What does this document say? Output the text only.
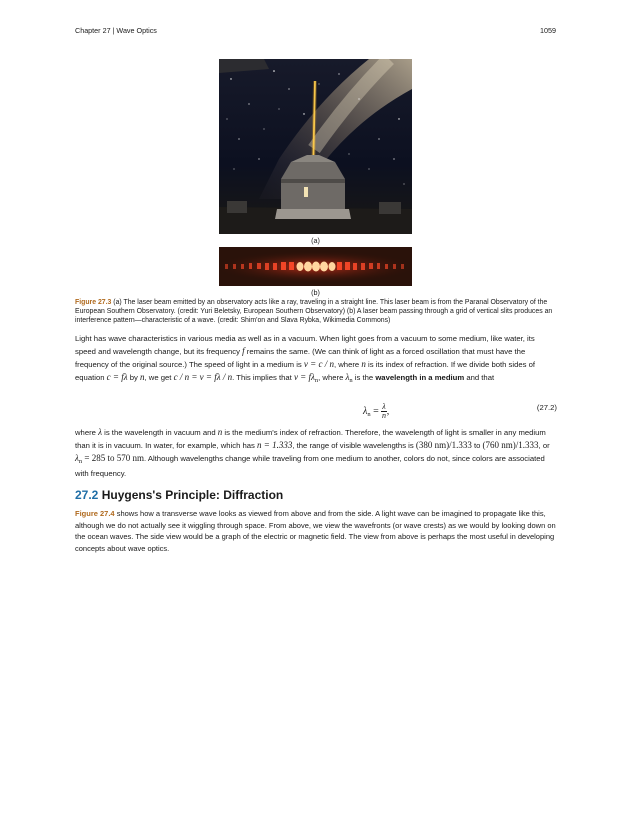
Chapter 27 | Wave Optics	1059
(a)
(b)
Figure 27.3 (a) The laser beam emitted by an observatory acts like a ray, traveling in a straight line. This laser beam is from the Paranal Observatory of the European Southern Observatory. (credit: Yuri Beletsky, European Southern Observatory) (b) A laser beam passing through a grid of vertical slits produces an interference pattern—characteristic of a wave. (credit: Shim'on and Slava Rybka, Wikimedia Commons)

Light has wave characteristics in various media as well as in a vacuum. When light goes from a vacuum to some medium, like water, its speed and wavelength change, but its frequency f remains the same. (We can think of light as a forced oscillation that must have the frequency of the original source.) The speed of light in a medium is v = c / n, where n is its index of refraction. If we divide both sides of equation c = fλ by n, we get c / n = v = fλ / n. This implies that $v = f\lambda_n$, where $\lambda_n$ is the wavelength in a medium and that

$\lambda_n = \frac{\lambda}{n}$ ,	(27.2)

where λ is the wavelength in vacuum and n is the medium's index of refraction. Therefore, the wavelength of light is smaller in any medium than it is in vacuum. In water, for example, which has n = 1.333, the range of visible wavelengths is (380 nm)/1.333 to (760 nm)/1.333, or $\lambda_n = 285$ to 570 nm. Although wavelengths change while traveling from one medium to another, colors do not, since colors are associated with frequency.

27.2 Huygens's Principle: Diffraction

Figure 27.4 shows how a transverse wave looks as viewed from above and from the side. A light wave can be imagined to propagate like this, although we do not actually see it wiggling through space. From above, we view the wavefronts (or wave crests) as we would by looking down on the ocean waves. The side view would be a graph of the electric or magnetic field. The view from above is perhaps the most useful in developing concepts about wave optics.
